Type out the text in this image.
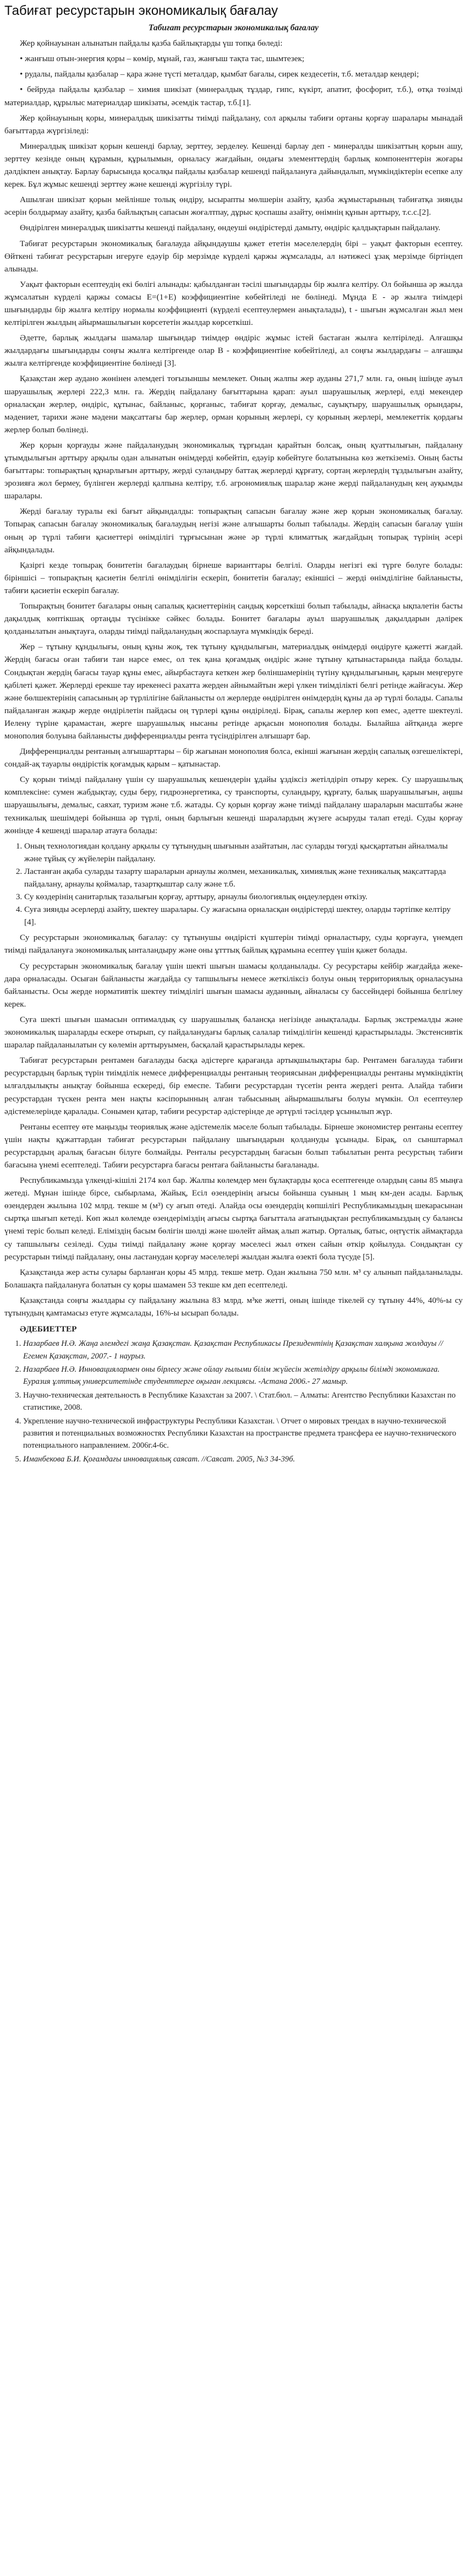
Табиғат ресурстарын экономикалық бағалау
Табиғат ресурстарын экономикалық бағалау

Жер қойнауынан алынатын пайдалы қазба байлықтарды үш топқа бөледі:

• жанғыш отын-энергия қоры – көмір, мұнай, газ, жанғыш тақта тас, шымтезек;

• рудалы, пайдалы қазбалар – қара және түсті металдар, қымбат бағалы, сирек кездесетін, т.б. металдар кендері;

• бейруда пайдалы қазбалар – химия шикізат (минералдық тұздар, гипс, күкірт, апатит, фосфорит, т.б.), өтқа төзімді материалдар, құрылыс материалдар шикізаты, әсемдік тастар, т.б.[1].

Жер қойнауының қоры, минералдық шикізатты тиімді пайдалану, сол арқылы табиғи ортаны қорғау шаралары мынадай бағыттарда жүргізіледі:

Минералдық шикізат қорын кешенді барлау, зерттеу, зерделеу. Кешенді барлау деп - минералды шикізаттың қорын ашу, зерттеу кезінде оның құрамын, құрылымын, орналасу жағдайын, ондағы элементтердің барлық компоненттерін жоғары дәлдікпен анықтау. Барлау барысында қосалқы пайдалы қазбалар кешенді пайдалануға дайындалып, мүмкіндіктерін есепке алу керек. Бұл жұмыс кешенді зерттеу және кешенді жүргізілу түрі.

Ашылған шикізат қорын мейлінше толық өндіру, ысырапты мөлшерін азайту, қазба жұмыстарының табиғатқа зиянды әсерін болдырмау азайту, қазба байлықтың сапасын жоғалтпау, дұрыс қоспашы азайту, өнімнің құнын арттыру, т.с.с.[2].

Өндірілген минералдық шикізатты кешенді пайдалану, өндеуші өндірістерді дамыту, өндіріс қалдықтарын пайдалану.

Табиғат ресурстарын экономикалық бағалауда айқындаушы қажет ететін мәселелердің бірі – уақыт факторын есептеу. Өйткені табиғат ресурстарын игеруге едәуір бір мерзімде күрделі қаржы жұмсалады, ал нәтижесі ұзақ мерзімде біртіндеп алынады.

Уақыт факторын есептеудің екі бөлігі алынады: қабылданған тәсілі шығындарды бір жылға келтіру. Ол бойынша әр жылда жұмсалатын күрделі қаржы сомасы Е=(1+Е) коэффициентіне көбейтіледі не бөлінеді. Мұнда Е - әр жылға тиімдері шығындарды бір жылға келтіру нормалы коэффициенті (күрделі есептеулермен анықталады), t - шығын жұмсалған жыл мен келтірілген жылдың айырмашылығын көрсететін жылдар көрсеткіші.

Әдетте, барлық жылдағы шамалар шығындар тиімдер өндіріс жұмыс істей бастаған жылға келтіріледі. Алғашқы жылдардағы шығындарды соңғы жылға келтіргенде олар В - коэффициентіне көбейтіледі, ал соңғы жылдардағы – алғашқы жылға келтіргенде коэффициентіне бөлінеді [3].

Қазақстан жер аудано жөнінен әлемдегі тоғызыншы мемлекет. Оның жалпы жер ауданы 271,7 млн. га, оның ішінде ауыл шаруашылық жерлері 222,3 млн. га. Жердің пайдалану бағыттарына қарап: ауыл шаруашылық жерлері, елді мекендер орналасқан жерлер, өндіріс, құтынас, байланыс, қорғаныс, табиғат қорғау, демалыс, сауықтыру, шаруашылық орындары, мәдениет, тарихи және мәдени мақсаттағы бар жерлер, орман қорының жерлері, су қорының жерлері, мемлекеттік қордағы жерлер болып бөлінеді.

Жер қорын қорғауды және пайдаланудың экономикалық тұрғыдан қарайтын болсақ, оның қуаттылығын, пайдалану ұтымдылығын арттыру арқылы одан алынатын өнімдерді көбейтіп, едәуір көбейтуге болатынына көз жеткіземіз. Оның басты бағыттары: топырақтың құнарлығын арттыру, жерді суландыру баттақ жерлерді құрғату, сортаң жерлердің тұздылығын азайту, эрозияға жол бермеу, бүлінген жерлерді қалпына келтіру, т.б. агрономиялық шаралар және жерді пайдаланудың кең ауқымды шаралары.

Жерді бағалау туралы екі бағыт айқындалды: топырақтың сапасын бағалау және жер қорын экономикалық бағалау. Топырақ сапасын бағалау экономикалық бағалаудың негізі және алғышарты болып табылады. Жердің сапасын бағалау үшін оның әр түрлі табиғи қасиеттері өнімділігі тұрғысынан және әр түрлі климаттық жағдайдың топырақ түрінің әсері айқындалады.

Қазіргі кезде топырақ бонитетін бағалаудың бірнеше варианттары белгілі. Оларды негізгі екі түрге бөлуге болады: біріншісі – топырақтың қасиетін белгілі өнімділігін ескеріп, бонитетін бағалау; екіншісі – жерді өнімділігіне байланысты, табиғи қасиетін ескеріп бағалау.

Топырақтың бонитет бағалары оның сапалық қасиеттерінің сандық көрсеткіші болып табылады, айнасқа ықпалетін басты дақылдық көптікшақ ортаңды түсінікке сәйкес болады. Бонитет бағалары ауыл шаруашылық дақылдарын дәлірек қолданылатын анықтауға, оларды тиімді пайдаланудың жоспарлауға мүмкіндік береді.

Жер – тұтыну құндылығы, оның құны жоқ, тек тұтыну құндылығын, материалдық өнімдерді өндіруге қажетті жағдай. Жердің бағасы оған табиғи тан нарсе емес, ол тек қана қоғамдық өндіріс және тұтыну қатынастарында пайда болады. Сондықтан жердің бағасы тауар құны емес, айырбастауға кеткен жер бөліншамерінің түтіну құндылығының, қарын меңгеруге қабілеті қажет. Жерлерді ерекше тау ирекенесі рахатта жерден айнымайтын жері үлкен тиімділікті белгі ретінде жайғасуы. Жер және бөлшектерінің сапасының әр түрлілігіне байланысты ол жерлерде өндірілген өнімдердің құны да әр түрлі болады. Сапалы пайдаланған жақыр жерде өндірілетін пайдасы оң түрлері құны өндіріледі. Бірақ, сапалы жерлер көп емес, әдетте шектеулі. Иелену түріне қарамастан, жерге шаруашылық нысаны ретінде арқасын монополия болады. Былайша айтқанда жерге монополия болуына байланысты дифференциалды рента түсіндірілген алғышарт бар.

Дифференциалды рентаның алғышарттары – бір жағынан монополия болса, екінші жағынан жердің сапалық өзгешеліктері, сондай-ақ тауарлы өндірістік қоғамдық қарым – қатынастар.

Су қорын тиімді пайдалану үшін су шаруашылық кешендерін ұдайы ұздіксіз жетілдіріп отыру керек. Су шаруашылық комплексіне: сумен жабдықтау, суды беру, гидроэнергетика, су транспорты, суландыру, құрғату, балық шаруашылығын, аңшы шаруашылығы, демалыс, саяхат, туризм және т.б. жатады. Су қорын қорғау және тиімді пайдалану шараларын масштабы және техникалық шешімдері бойынша әр түрлі, оның барлығын кешенді шаралардың жүзеге асыруды талап етеді. Суды қорғау жөнінде 4 кешенді шаралар атауға болады:

1. Оның технологиядан қолдану арқылы су тұтынудың шығынын азайтатын, лас суларды төгуді қысқартатын айналмалы және тұйық су жүйелерін пайдалану.
2. Ластанған ақаба суларды тазарту шараларын арнаулы жолмен, механикалық, химиялық және техникалық мақсаттарда пайдалану, арнаулы қоймалар, тазартқыштар салу және т.б.
3. Су көздерінің санитарлық тазалығын қорғау, арттыру, арнаулы биологиялық өңдеулерден өткізу.
4. Суға зиянды әсерлерді азайту, шектеу шаралары. Су жағасына орналасқан өндірістерді шектеу, оларды тәртіпке келтіру [4].

Су ресурстарын экономикалық бағалау: су тұтынушы өндірісті күштерін тиімді орналастыру, суды қорғауға, үнемдеп тиімді пайдалануға экономикалық ынталандыру және оны ұтттық байлық құрамына есептеу үшін қажет болады.

Су ресурстарын экономикалық бағалау үшін шекті шығын шамасы қолданылады. Су ресурстары кейбір жағдайда жеке-дара орналасады. Осыған байланысты жағдайда су тапшылығы немесе жеткіліксіз болуы оның территориялық орналасуына байланысты. Осы жерде нормативтік шектеу тиімділігі шығын шамасы ауданның, айналасы су бассейндері бойынша белгілеу керек.

Суға шекті шығын шамасын оптималдық су шаруашылық балансқа негізінде анықталады. Барлық экстремалды және экономикалық шараларды ескере отырып, су пайдаланудағы барлық салалар тиімділігін кешенді қарастырылады. Экстенсивтік шаралар пайдаланылатын су көлемін арттыруымен, басқалай қарастырылады керек.

Табиғат ресурстарын рентамен бағалауды басқа әдістерге қарағанда артықшылықтары бар. Рентамен бағалауда табиғи ресурстардың барлық түрін тиімділік немесе дифференциалды рентаның теориясынан дифференциалды рентаны мүмкіндіктің ылғалдылықты анықтау бойынша ескереді, бір емеспе. Табиғи ресурстардан түсетін рента жердегі рента. Алайда табиғи ресурстардан түскен рента мен нақты кәсіпорынның алған табысының айырмашылығы болуы мүмкін. Ол есептеулер әдістемелерінде қаралады. Сонымен қатар, табиғи ресурстар әдістерінде де әртүрлі тәсілдер ұсынылып жүр.

Рентаны есептеу өте маңызды теориялық және әдістемелік мәселе болып табылады. Бірнеше экономистер рентаны есептеу үшін нақты құжаттардан табиғат ресурстарын пайдалану шығындарын қолдануды ұсынады. Бірақ, ол сынштармал ресурстардың аралық бағасын білуге ​​болмайды. Ренталы ресурстардың бағасын болып табылатын рента ресурстың табиғи бағасына үнемі есептеледі. Табиғи ресурстарға бағасы рентаға байланысты бағаланады.

Республикамызда үлкенді-кішілі 2174 көл бар. Жалпы көлемдер мен бұлақтарды қоса есептегенде олардың саны 85 мыңға жетеді. Мұнан ішінде бірсе, сыбырлама, Жайық, Есіл өзендерінің ағысы бойынша суының 1 мың км-ден асады. Барлық өзендерден жылына 102 млрд. текше м (м³) су ағып өтеді. Алайда осы өзендердің көпшілігі Республикамыздың шекарасынан сыртқа шығып кетеді. Көп жыл көлемде өзендеріміздің ағысы сыртқа бағыттала ағатындықтан республикамыздың су балансы үнемі теріс болып келеді. Еліміздің басым бөлігін шөлді және шөлейт аймақ алып жатыр. Орталық, батыс, оңтүстік аймақтарда су тапшылығы сезіледі. Суды тиімді пайдалану және қорғау мәселесі жыл өткен сайын өткір қойылуда. Сондықтан су ресурстарын тиімді пайдалану, оны ластанудан қорғау мәселелері жылдан жылға өзекті бола түсуде [5].

Қазақстанда жер асты сулары барланған қоры 45 млрд. текше метр. Одан жылына 750 млн. м³ су алынып пайдаланылады. Болашақта пайдалануға болатын су қоры шамамен 53 текше км деп есептеледі.

Қазақстанда соңғы жылдары су пайдалану жылына 83 млрд. м³ке жетті, оның ішінде тікелей су тұтыну 44%, 40%-ы су тұтынудың қамтамасыз етуге жұмсалады, 16%-ы ысырап болады.

ӘДЕБИЕТТЕР
1. Назарбаев Н.Ә. Жаңа әлемдегі жаңа Қазақстан. Қазақстан Республикасы Президентінің Қазақстан халқына жолдауы //Егемен Қазақстан, 2007.- 1 наурыз.
2. Назарбаев Н.Ә. Инновациялармен оны бірлесу және ойлау ғылыми білім жүйесін жетілдіру арқылы білімді экономикаға. Еуразия ұлттық университетінде студенттерге оқыған лекциясы. -Астана 2006.- 27 мамыр.
3. Научно-техническая деятельность в Республике Казахстан за 2007. \ Стат.бюл. – Алматы: Агентство Республики Казахстан по статистике, 2008.
4. Укрепление научно-технической инфраструктуры Республики Казахстан. \ Отчет о мировых трендах в научно-технической развития и потенциальных возможностях Республики Казахстан на пространстве предмета трансфера ее научно-технического потенциального направлением. 2006г.4-6с.
5. Иманбекова Б.И. Қоғамдағы инновациялық саясат. //Саясат. 2005, №3 34-39б.
